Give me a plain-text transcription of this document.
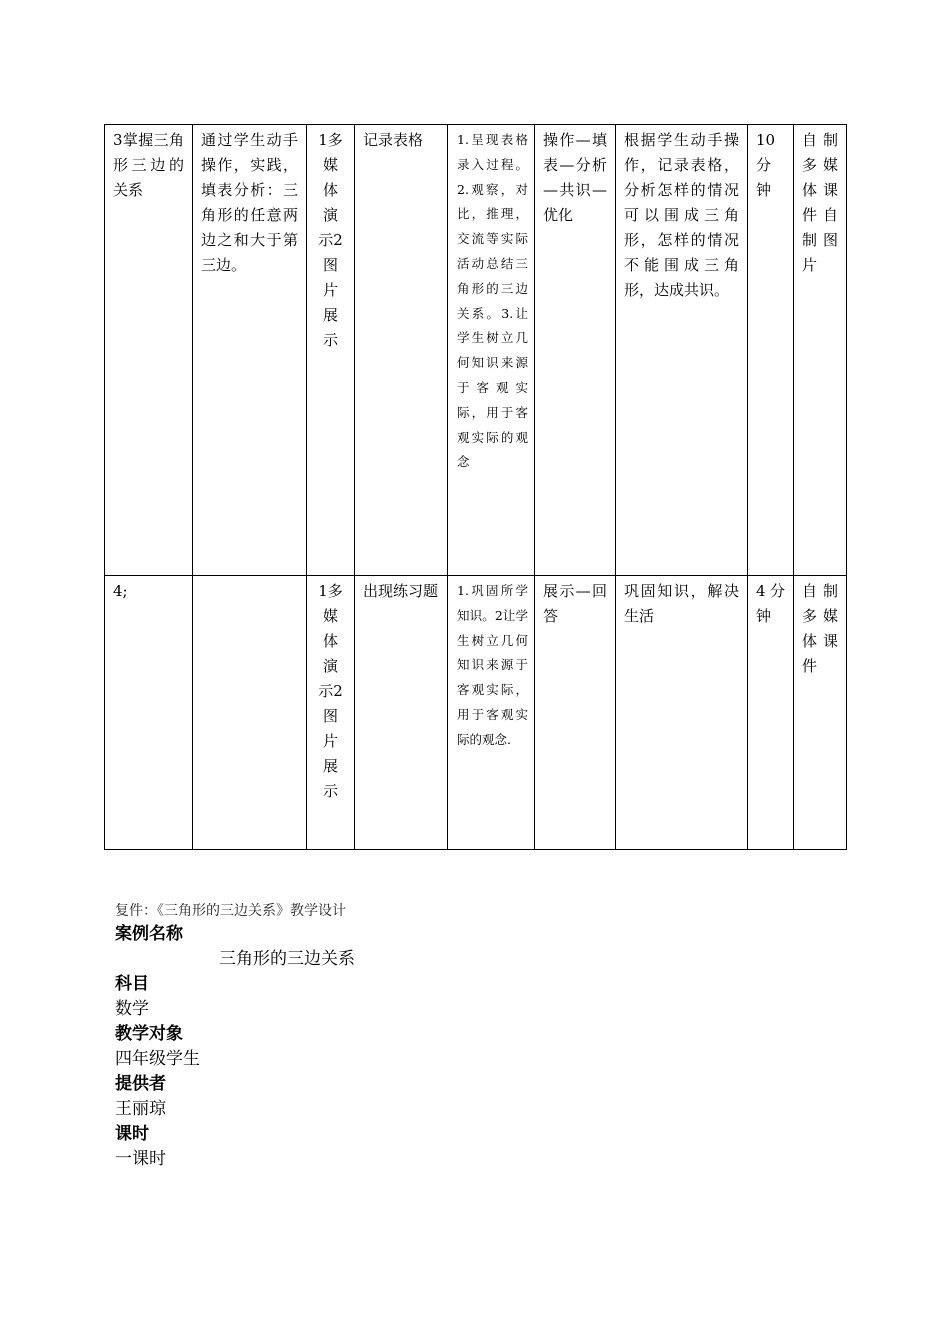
3掌握三角形三边的关系	通过学生动手操作，实践，填表分析：三角形的任意两边之和大于第三边。	1多媒体演示2图片展示	记录表格	1.呈现表格录入过程。2.观察，对比，推理，交流等实际活动总结三角形的三边关系。3.让学生树立几何知识来源于客观实际，用于客观实际的观念	操作—填表—分析—共识—优化	根据学生动手操作，记录表格，分析怎样的情况可以围成三角形，怎样的情况不能围成三角形，达成共识。	10分钟	自制多媒体课件自制图片

4;		1多媒体演示2图片展示	出现练习题	1.巩固所学知识。2让学生树立几何知识来源于客观实际，用于客观实际的观念.	展示—回答	巩固知识，解决生活	4分钟	自制多媒体课件
复件：《三角形的三边关系》教学设计
案例名称
三角形的三边关系
科目
数学
教学对象
四年级学生
提供者
王丽琼
课时
一课时
